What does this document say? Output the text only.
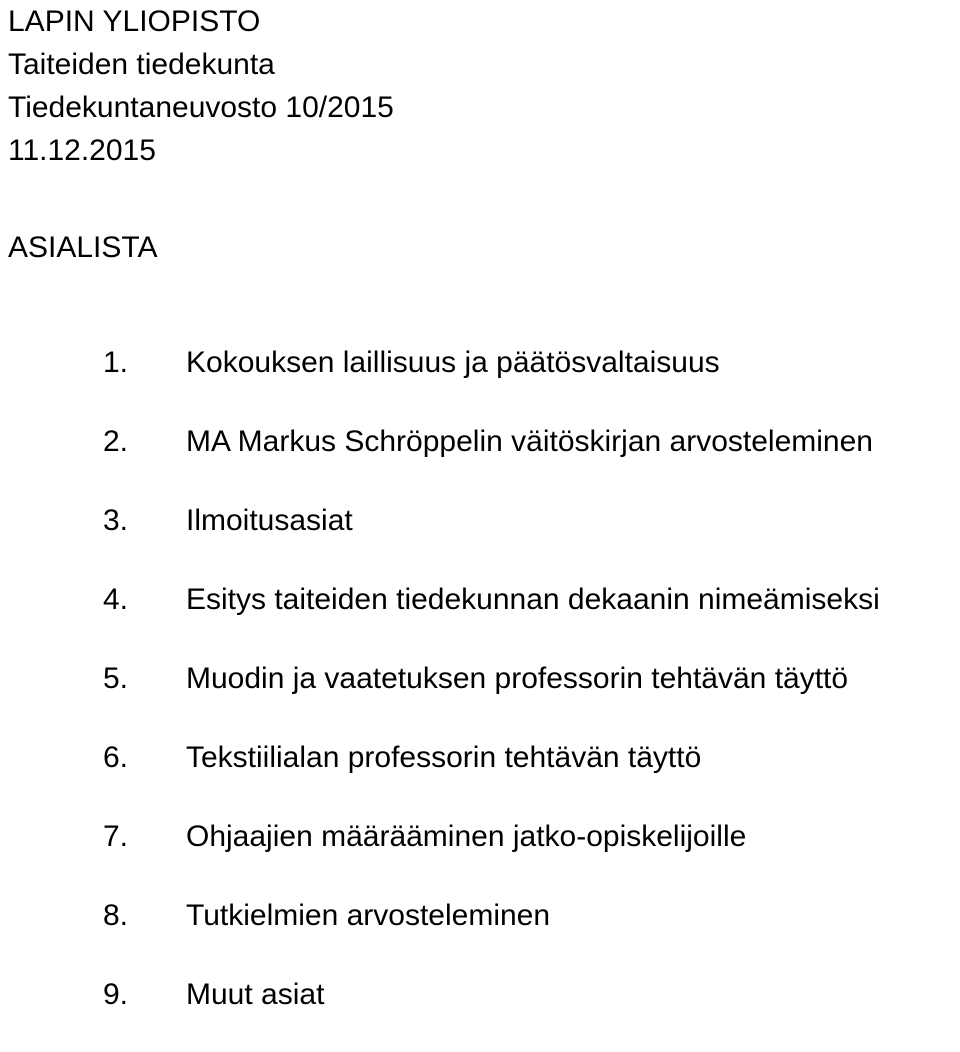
LAPIN YLIOPISTO
Taiteiden tiedekunta
Tiedekuntaneuvosto 10/2015
11.12.2015
ASIALISTA
1. Kokouksen laillisuus ja päätösvaltaisuus
2. MA Markus Schröppelin väitöskirjan arvosteleminen
3. Ilmoitusasiat
4. Esitys taiteiden tiedekunnan dekaanin nimeämiseksi
5. Muodin ja vaatetuksen professorin tehtävän täyttö
6. Tekstiilialan professorin tehtävän täyttö
7. Ohjaajien määrääminen jatko-opiskelijoille
8. Tutkielmien arvosteleminen
9. Muut asiat
